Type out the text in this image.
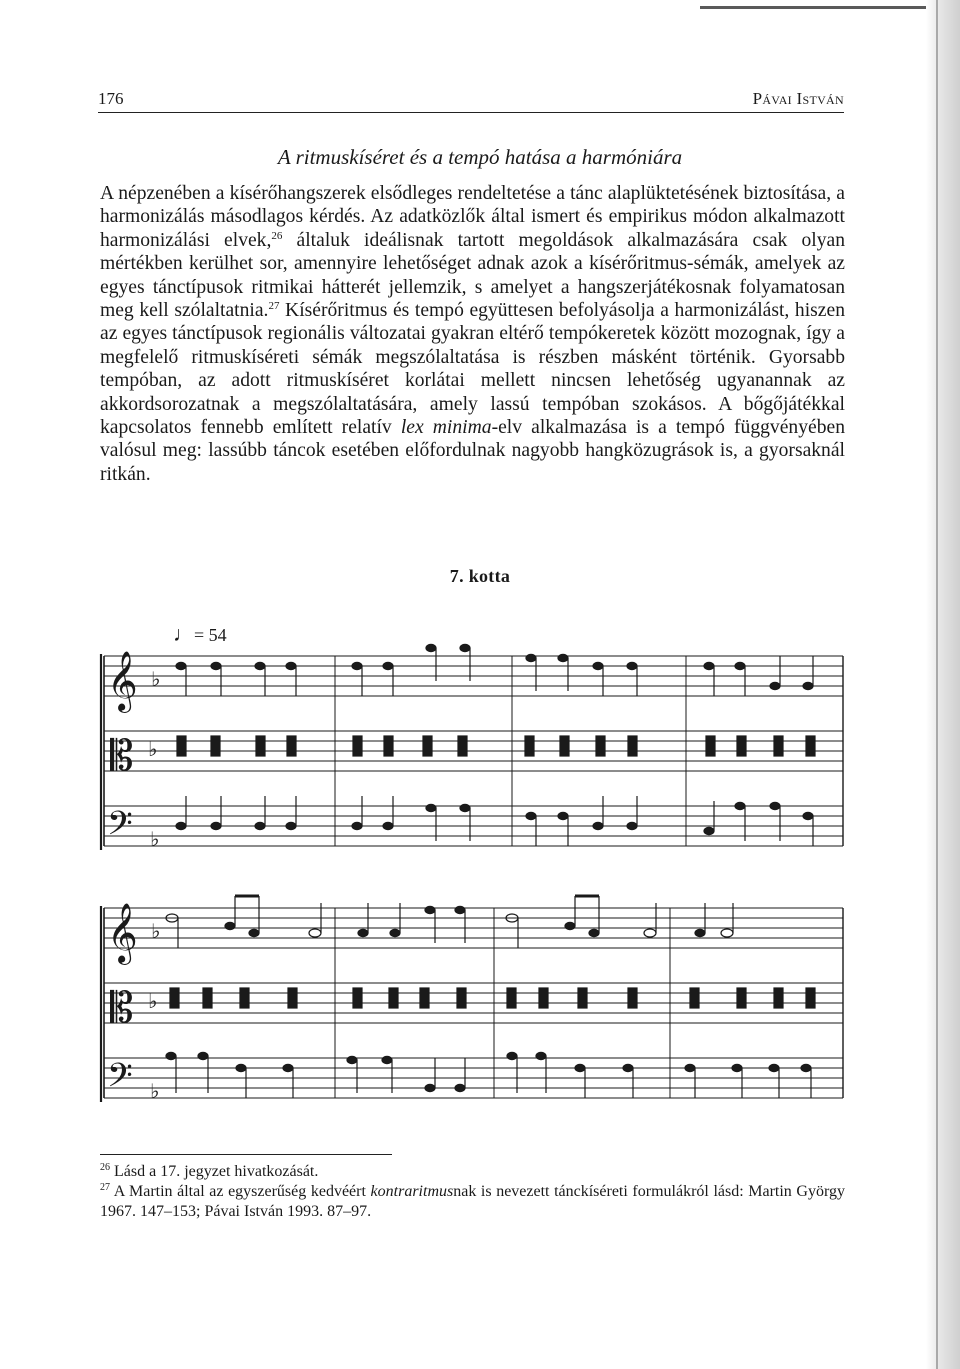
176	Pávai István
A ritmuskíséret és a tempó hatása a harmóniára

A népzenében a kísérőhangszerek elsődleges rendeltetése a tánc alaplüktetésének biztosítása, a harmonizálás másodlagos kérdés. Az adatközlők által ismert és empirikus módon alkalmazott harmonizálási elvek,$^{26}$ általuk ideálisnak tartott megoldások alkalmazására csak olyan mértékben kerülhet sor, amennyire lehetőséget adnak azok a kísérőritmus-sémák, amelyek az egyes tánctípusok ritmikai hátterét jellemzik, s amelyet a hangszerjátékosnak folyamatosan meg kell szólaltatnia.$^{27}$ Kísérőritmus és tempó együttesen befolyásolja a harmonizálást, hiszen az egyes tánctípusok regionális változatai gyakran eltérő tempókeretek között mozognak, így a megfelelő ritmuskíséreti sémák megszólaltatása is részben másként történik. Gyorsabb tempóban, az adott ritmuskíséret korlátai mellett nincsen lehetőség ugyanannak az akkordsorozatnak a megszólaltatására, amely lassú tempóban szokásos. A bőgőjátékkal kapcsolatos fennebb említett relatív lex minima-elv alkalmazása is a tempó függvényében valósul meg: lassúbb táncok esetében előfordulnak nagyobb hangközugrások is, a gyorsaknál ritkán.

7. kotta
♩= 54
𝄞
𝄡
𝄢
♭
♭
♭
𝄞
𝄡
𝄢
♭
♭
♭

$^{26}$ Lásd a 17. jegyzet hivatkozását.

$^{27}$ A Martin által az egyszerűség kedvéért kontraritmusnak is nevezett tánckíséreti formulákról lásd: Martin György 1967. 147–153; Pávai István 1993. 87–97.
